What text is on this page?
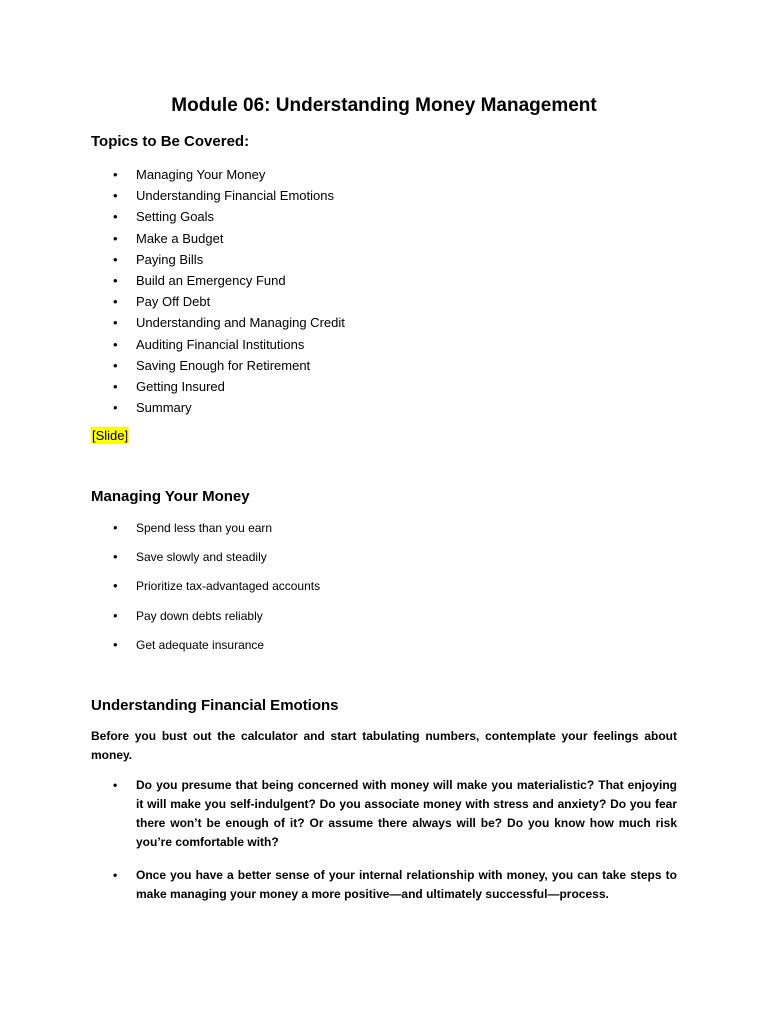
Module 06: Understanding Money Management
Topics to Be Covered:
• Managing Your Money
• Understanding Financial Emotions
• Setting Goals
• Make a Budget
• Paying Bills
• Build an Emergency Fund
• Pay Off Debt
• Understanding and Managing Credit
• Auditing Financial Institutions
• Saving Enough for Retirement
• Getting Insured
• Summary
[Slide]
Managing Your Money
• Spend less than you earn
• Save slowly and steadily
• Prioritize tax-advantaged accounts
• Pay down debts reliably
• Get adequate insurance
Understanding Financial Emotions
Before you bust out the calculator and start tabulating numbers, contemplate your feelings about money.
• Do you presume that being concerned with money will make you materialistic? That enjoying it will make you self-indulgent? Do you associate money with stress and anxiety? Do you fear there won’t be enough of it? Or assume there always will be? Do you know how much risk you’re comfortable with?
• Once you have a better sense of your internal relationship with money, you can take steps to make managing your money a more positive—and ultimately successful—process.
